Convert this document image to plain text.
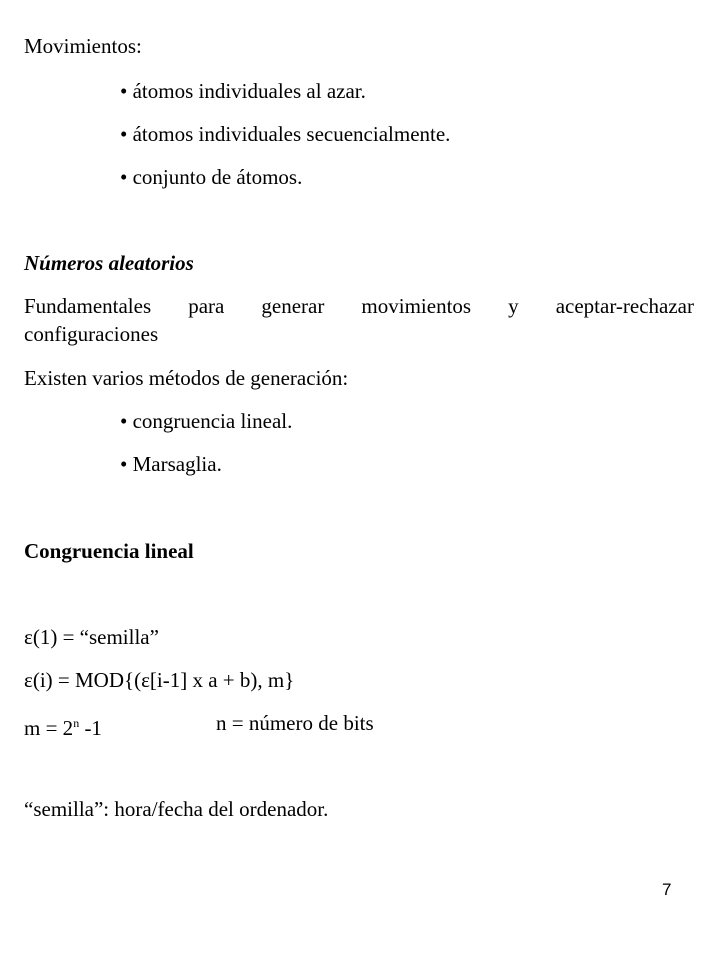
Movimientos:
• átomos individuales al azar.
• átomos individuales secuencialmente.
• conjunto de átomos.
Números aleatorios
Fundamentales para generar movimientos y aceptar-rechazar
configuraciones
Existen varios métodos de generación:
• congruencia lineal.
• Marsaglia.
Congruencia lineal
ε(1) = “semilla”
ε(i) = MOD{(ε[i-1] x a + b), m}
$m = 2^n$ -1	n = número de bits
“semilla”: hora/fecha del ordenador.
7
